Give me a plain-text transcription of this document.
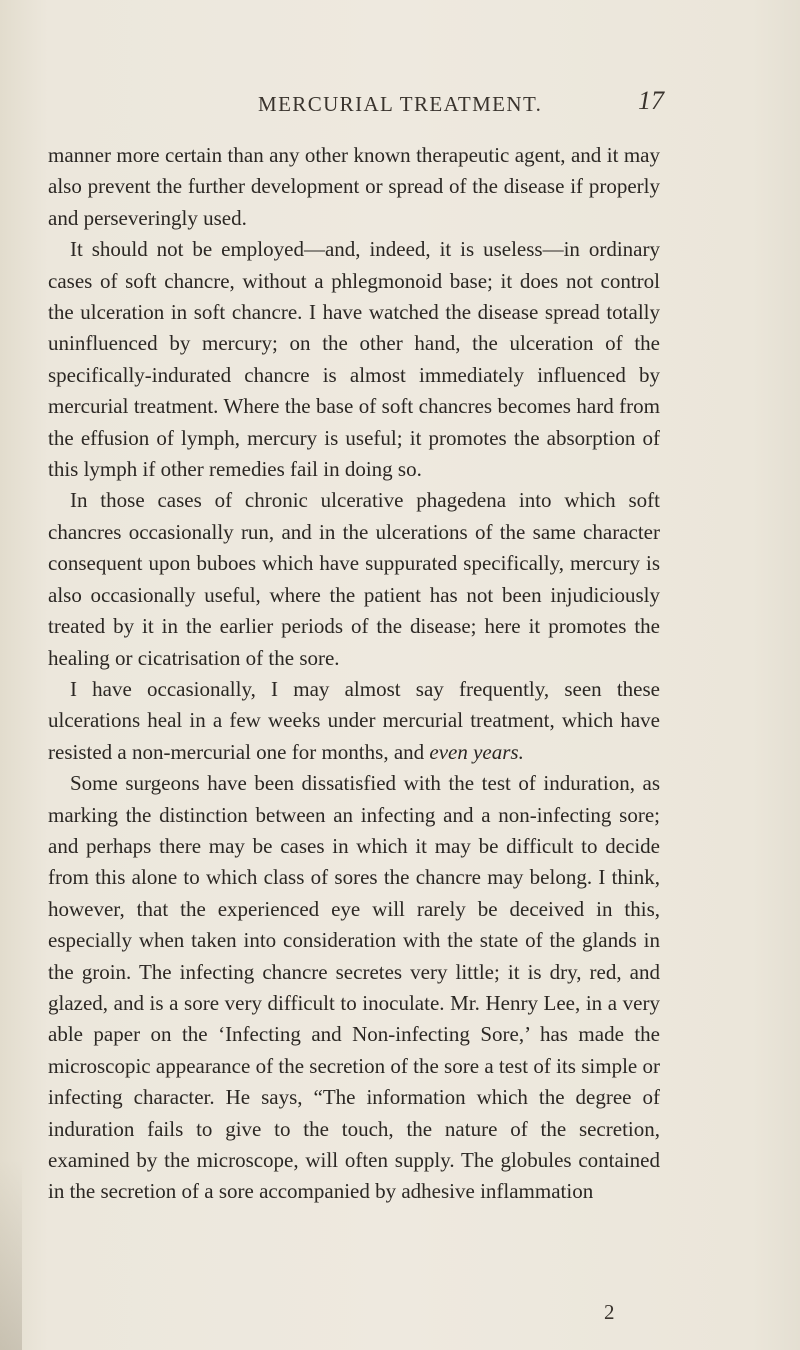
MERCURIAL TREATMENT.	17

manner more certain than any other known therapeutic agent, and it may also prevent the further development or spread of the disease if properly and perseveringly used.

It should not be employed—and, indeed, it is useless—in ordinary cases of soft chancre, without a phlegmonoid base; it does not control the ulceration in soft chancre. I have watched the disease spread totally uninfluenced by mercury; on the other hand, the ulceration of the specifically-indurated chancre is almost immediately influenced by mercurial treatment. Where the base of soft chancres becomes hard from the effusion of lymph, mercury is useful; it promotes the absorption of this lymph if other remedies fail in doing so.

In those cases of chronic ulcerative phagedena into which soft chancres occasionally run, and in the ulcerations of the same character consequent upon buboes which have suppurated specifically, mercury is also occasionally useful, where the patient has not been injudiciously treated by it in the earlier periods of the disease; here it promotes the healing or cicatrisation of the sore.

I have occasionally, I may almost say frequently, seen these ulcerations heal in a few weeks under mercurial treatment, which have resisted a non-mercurial one for months, and even years.

Some surgeons have been dissatisfied with the test of induration, as marking the distinction between an infecting and a non-infecting sore; and perhaps there may be cases in which it may be difficult to decide from this alone to which class of sores the chancre may belong. I think, however, that the experienced eye will rarely be deceived in this, especially when taken into consideration with the state of the glands in the groin. The infecting chancre secretes very little; it is dry, red, and glazed, and is a sore very difficult to inoculate. Mr. Henry Lee, in a very able paper on the ‘Infecting and Non-infecting Sore,’ has made the microscopic appearance of the secretion of the sore a test of its simple or infecting character. He says, “The information which the degree of induration fails to give to the touch, the nature of the secretion, examined by the microscope, will often supply. The globules contained in the secretion of a sore accompanied by adhesive inflammation

2
